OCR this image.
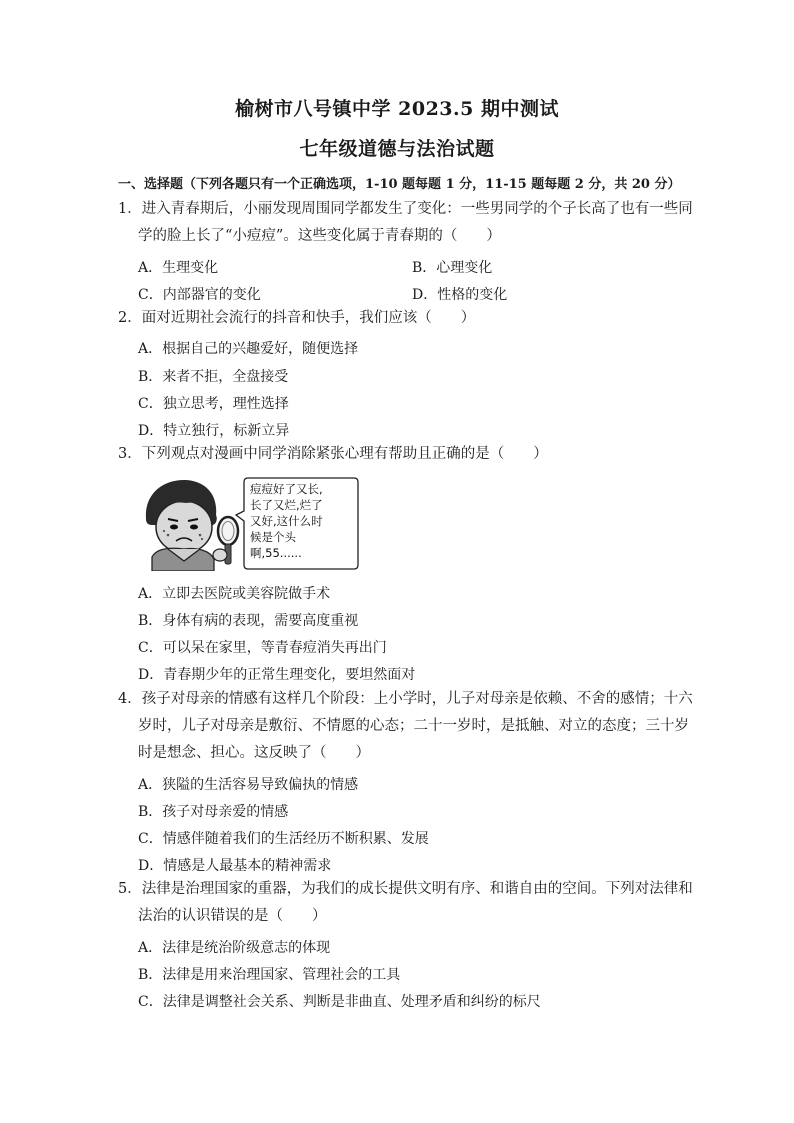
榆树市八号镇中学 2023.5 期中测试
七年级道德与法治试题
一、选择题（下列各题只有一个正确选项，1-10 题每题 1 分，11-15 题每题 2 分，共 20 分）
1．进入青春期后，小丽发现周围同学都发生了变化：一些男同学的个子长高了也有一些同
学的脸上长了“小痘痘”。这些变化属于青春期的（　　）
A．生理变化	B．心理变化
C．内部器官的变化	D．性格的变化
2．面对近期社会流行的抖音和快手，我们应该（　　）
A．根据自己的兴趣爱好，随便选择
B．来者不拒，全盘接受
C．独立思考，理性选择
D．特立独行，标新立异
3．下列观点对漫画中同学消除紧张心理有帮助且正确的是（　　）
痘痘好了又长,
长了又烂,烂了
又好,这什么时
候是个头
啊,55......
A．立即去医院或美容院做手术
B．身体有病的表现，需要高度重视
C．可以呆在家里，等青春痘消失再出门
D．青春期少年的正常生理变化，要坦然面对
4．孩子对母亲的情感有这样几个阶段：上小学时，儿子对母亲是依赖、不舍的感情；十六
岁时，儿子对母亲是敷衍、不情愿的心态；二十一岁时，是抵触、对立的态度；三十岁
时是想念、担心。这反映了（　　）
A．狭隘的生活容易导致偏执的情感
B．孩子对母亲爱的情感
C．情感伴随着我们的生活经历不断积累、发展
D．情感是人最基本的精神需求
5．法律是治理国家的重器，为我们的成长提供文明有序、和谐自由的空间。下列对法律和
法治的认识错误的是（　　）
A．法律是统治阶级意志的体现
B．法律是用来治理国家、管理社会的工具
C．法律是调整社会关系、判断是非曲直、处理矛盾和纠纷的标尺
